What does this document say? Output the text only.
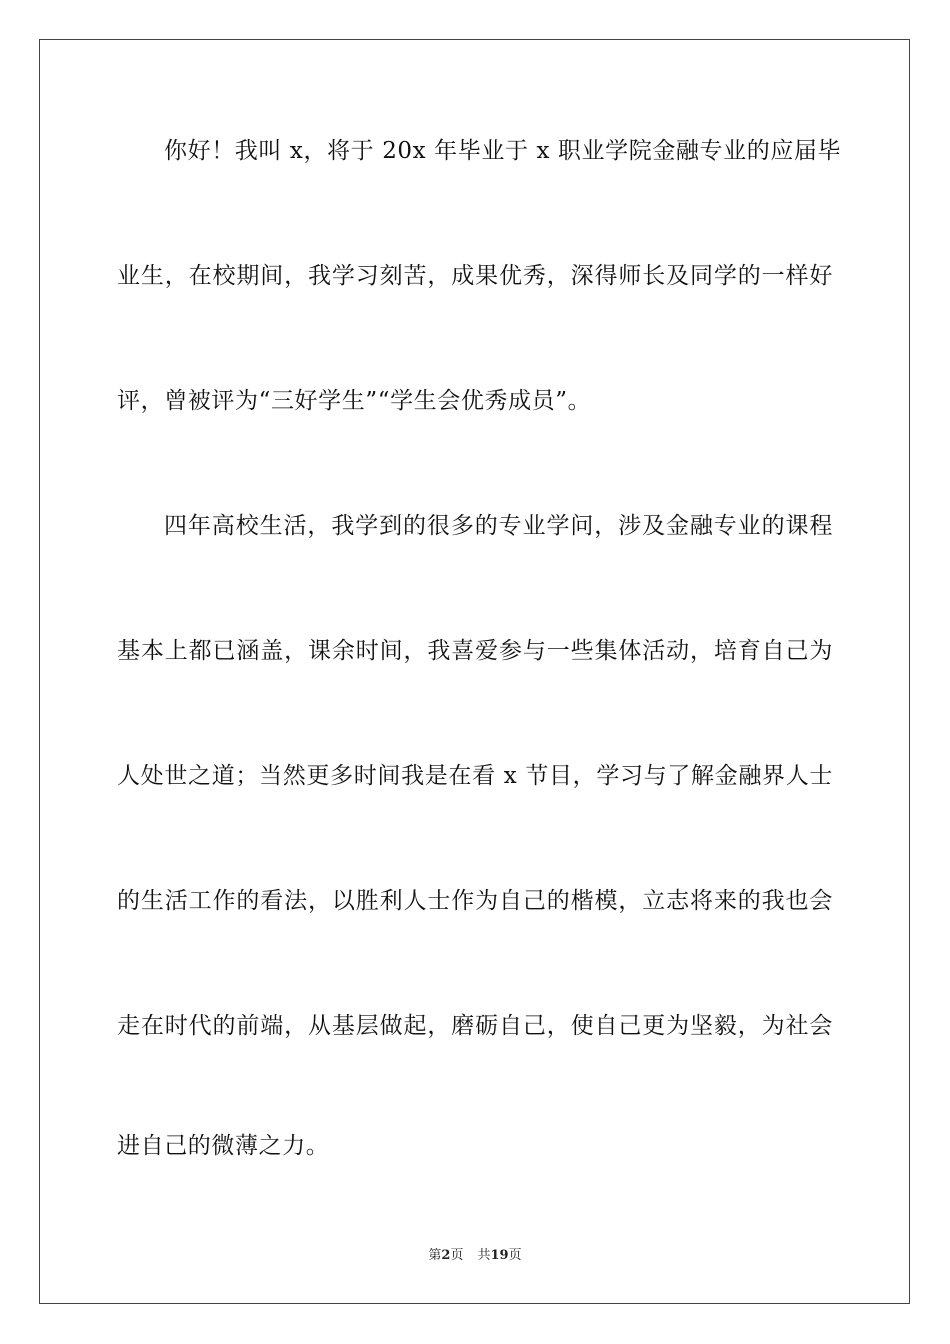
你好！我叫 x，将于 20x 年毕业于 x 职业学院金融专业的应届毕
业生，在校期间，我学习刻苦，成果优秀，深得师长及同学的一样好
评，曾被评为“三好学生”“学生会优秀成员”。
四年高校生活，我学到的很多的专业学问，涉及金融专业的课程
基本上都已涵盖，课余时间，我喜爱参与一些集体活动，培育自己为
人处世之道；当然更多时间我是在看 x 节目，学习与了解金融界人士
的生活工作的看法，以胜利人士作为自己的楷模，立志将来的我也会
走在时代的前端，从基层做起，磨砺自己，使自己更为坚毅，为社会
进自己的微薄之力。
第2页 共19页
